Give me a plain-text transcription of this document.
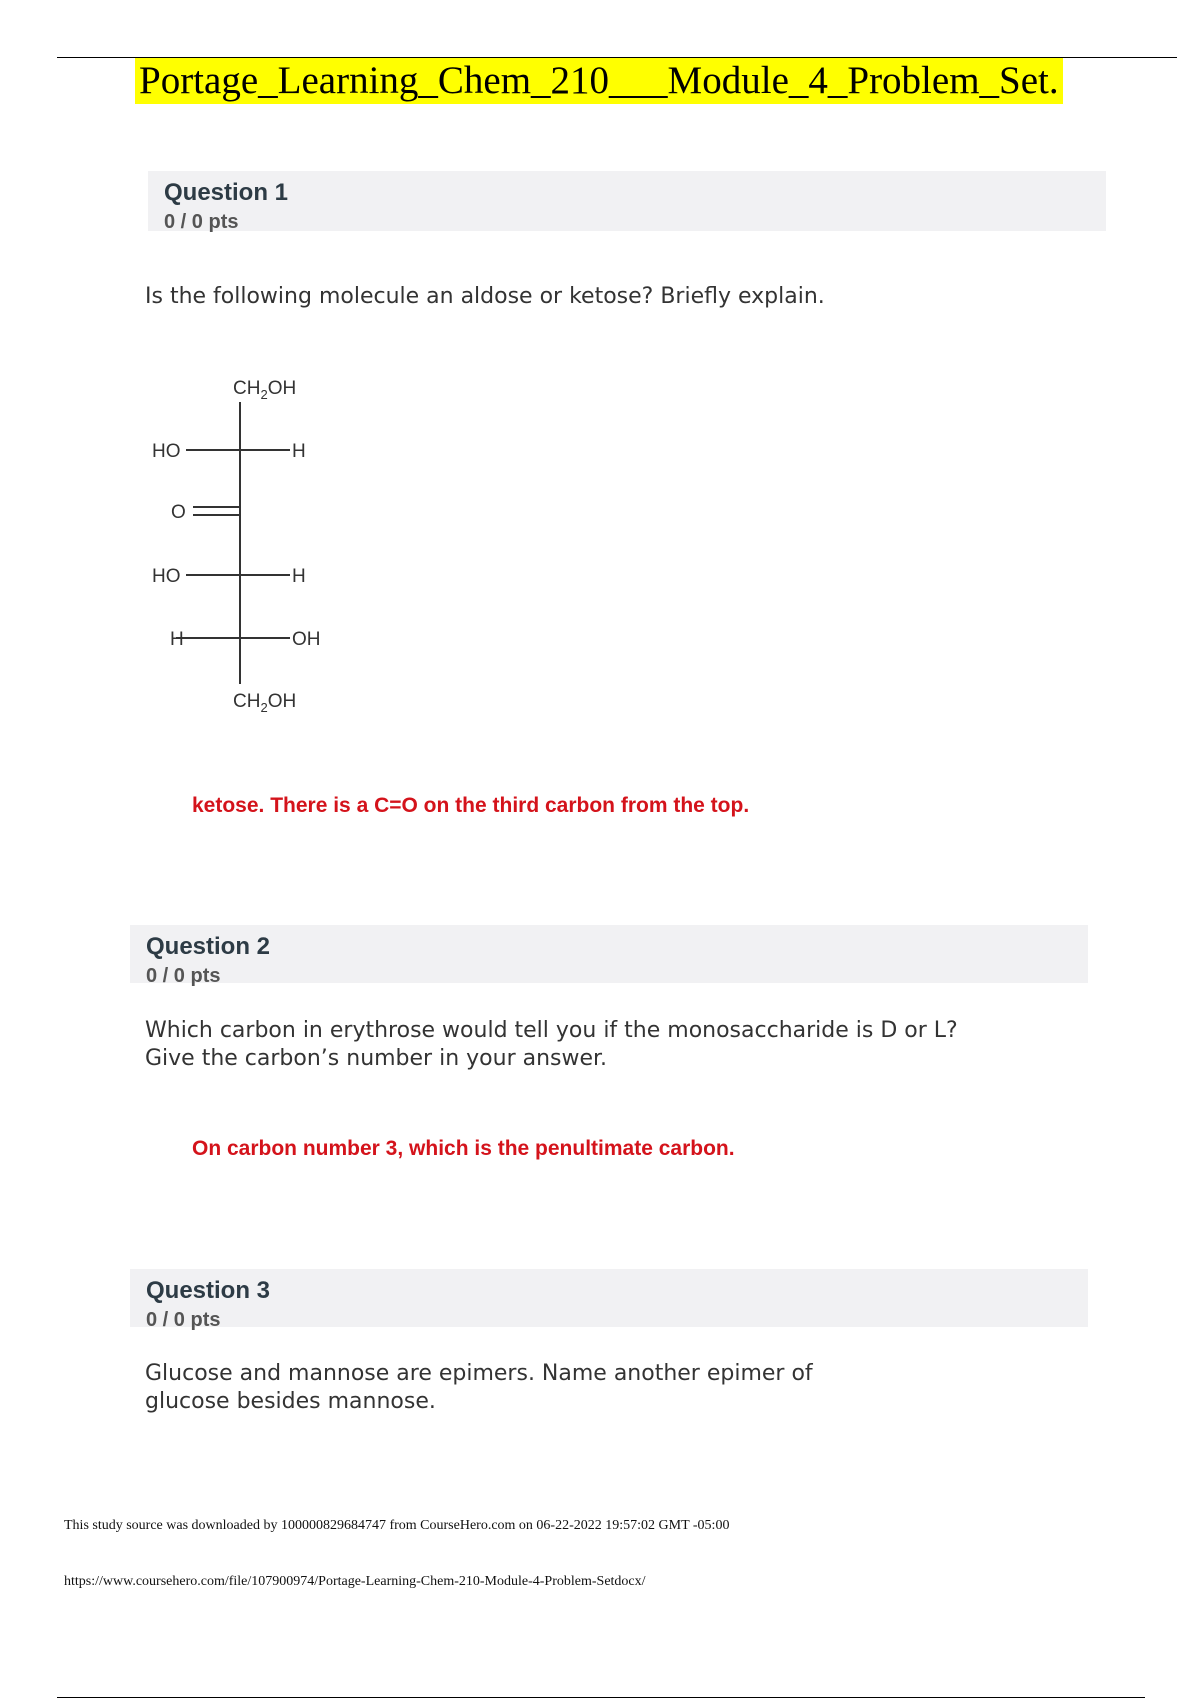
Portage_Learning_Chem_210___Module_4_Problem_Set.
Question 1
0 / 0 pts
Is the following molecule an aldose or ketose? Briefly explain.
$CH_2OH$
HO	H
O
HO	H
H	OH
$CH_2OH$
ketose. There is a C=O on the third carbon from the top.
Question 2
0 / 0 pts
Which carbon in erythrose would tell you if the monosaccharide is D or L?
Give the carbon’s number in your answer.
On carbon number 3, which is the penultimate carbon.
Question 3
0 / 0 pts
Glucose and mannose are epimers. Name another epimer of
glucose besides mannose.
This study source was downloaded by 100000829684747 from CourseHero.com on 06-22-2022 19:57:02 GMT -05:00
https://www.coursehero.com/file/107900974/Portage-Learning-Chem-210-Module-4-Problem-Setdocx/
